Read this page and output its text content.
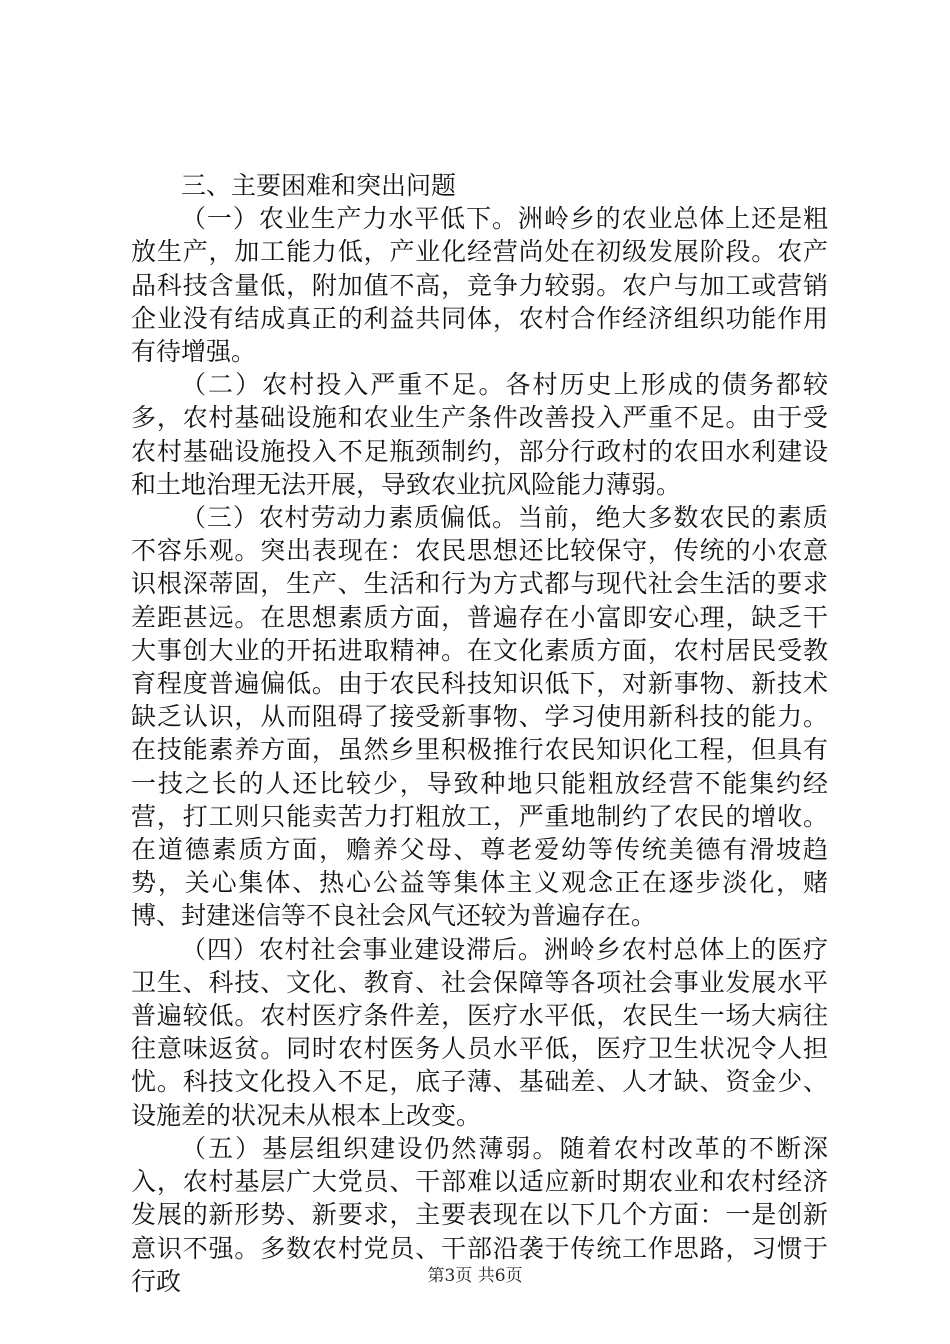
三、主要困难和突出问题

（一）农业生产力水平低下。洲岭乡的农业总体上还是粗放生产，加工能力低，产业化经营尚处在初级发展阶段。农产品科技含量低，附加值不高，竞争力较弱。农户与加工或营销企业没有结成真正的利益共同体，农村合作经济组织功能作用有待增强。

（二）农村投入严重不足。各村历史上形成的债务都较多，农村基础设施和农业生产条件改善投入严重不足。由于受农村基础设施投入不足瓶颈制约，部分行政村的农田水利建设和土地治理无法开展，导致农业抗风险能力薄弱。

（三）农村劳动力素质偏低。当前，绝大多数农民的素质不容乐观。突出表现在：农民思想还比较保守，传统的小农意识根深蒂固，生产、生活和行为方式都与现代社会生活的要求差距甚远。在思想素质方面，普遍存在小富即安心理，缺乏干大事创大业的开拓进取精神。在文化素质方面，农村居民受教育程度普遍偏低。由于农民科技知识低下，对新事物、新技术缺乏认识，从而阻碍了接受新事物、学习使用新科技的能力。在技能素养方面，虽然乡里积极推行农民知识化工程，但具有一技之长的人还比较少，导致种地只能粗放经营不能集约经营，打工则只能卖苦力打粗放工，严重地制约了农民的增收。在道德素质方面，赡养父母、尊老爱幼等传统美德有滑坡趋势，关心集体、热心公益等集体主义观念正在逐步淡化，赌博、封建迷信等不良社会风气还较为普遍存在。

（四）农村社会事业建设滞后。洲岭乡农村总体上的医疗卫生、科技、文化、教育、社会保障等各项社会事业发展水平普遍较低。农村医疗条件差，医疗水平低，农民生一场大病往往意味返贫。同时农村医务人员水平低，医疗卫生状况令人担忧。科技文化投入不足，底子薄、基础差、人才缺、资金少、设施差的状况未从根本上改变。

（五）基层组织建设仍然薄弱。随着农村改革的不断深入，农村基层广大党员、干部难以适应新时期农业和农村经济发展的新形势、新要求，主要表现在以下几个方面：一是创新意识不强。多数农村党员、干部沿袭于传统工作思路，习惯于行政	第3页 共6页
